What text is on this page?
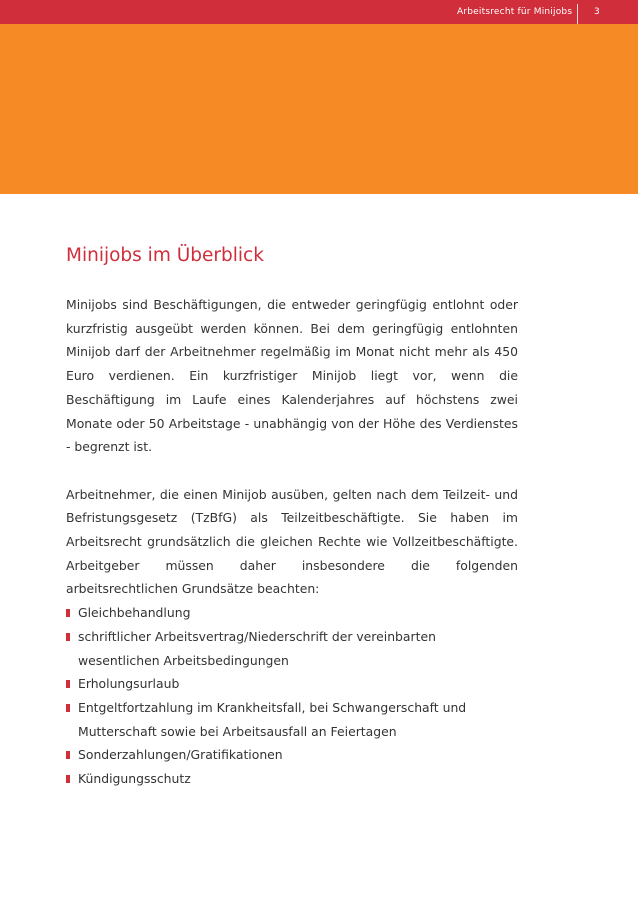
Arbeitsrecht für Minijobs 3
Minijobs im Überblick

Minijobs sind Beschäftigungen, die entweder geringfügig entlohnt oder kurzfristig ausgeübt werden können. Bei dem geringfügig entlohnten Minijob darf der Arbeitnehmer regelmäßig im Monat nicht mehr als 450 Euro verdienen. Ein kurzfristiger Minijob liegt vor, wenn die Beschäftigung im Laufe eines Kalenderjahres auf höchstens zwei Monate oder 50 Arbeitstage - unabhängig von der Höhe des Verdienstes - begrenzt ist.

Arbeitnehmer, die einen Minijob ausüben, gelten nach dem Teilzeit- und Befristungsgesetz (TzBfG) als Teilzeitbeschäftigte. Sie haben im Arbeitsrecht grundsätzlich die gleichen Rechte wie Vollzeitbeschäftigte. Arbeitgeber müssen daher insbesondere die folgenden arbeitsrechtlichen Grundsätze beachten:

Gleichbehandlung
schriftlicher Arbeitsvertrag/Niederschrift der vereinbarten wesentlichen Arbeitsbedingungen
Erholungsurlaub
Entgeltfortzahlung im Krankheitsfall, bei Schwangerschaft und Mutterschaft sowie bei Arbeitsausfall an Feiertagen
Sonderzahlungen/Gratifikationen
Kündigungsschutz
